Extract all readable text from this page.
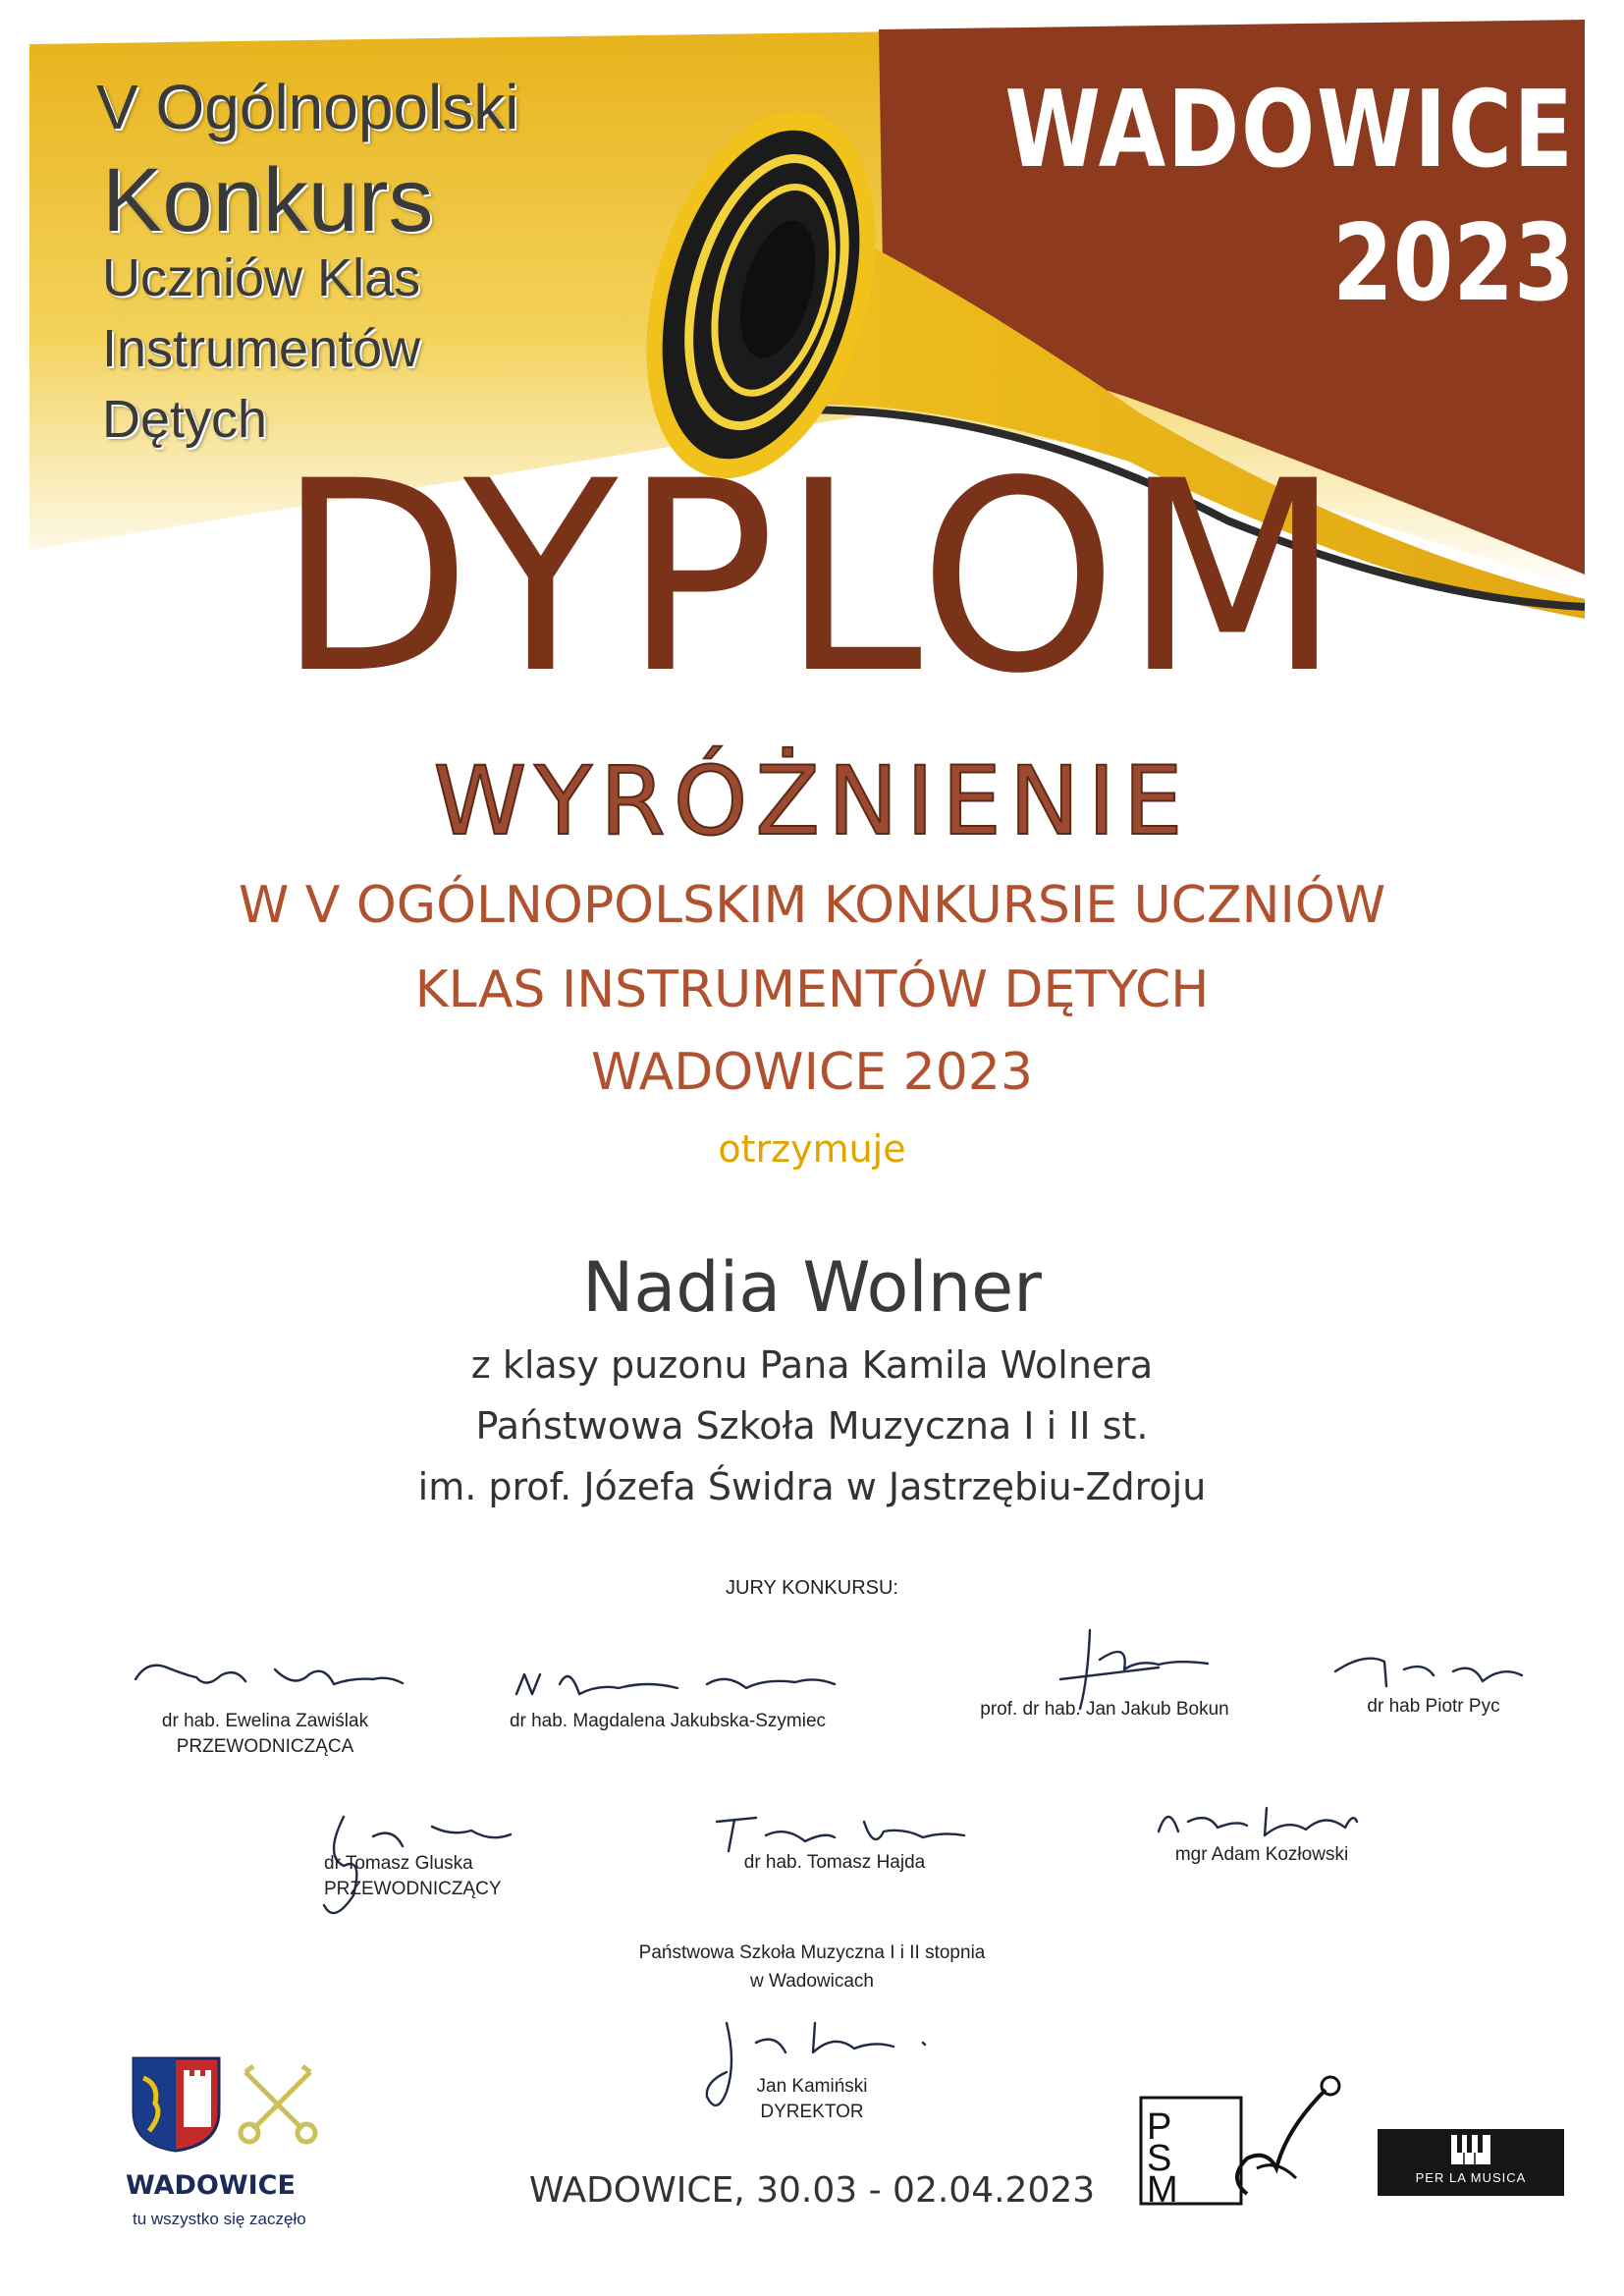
V Ogólnopolski
Konkurs
Uczniów Klas
Instrumentów
Dętych
WADOWICE
2023
DYPLOM
WYRÓŻNIENIE
W V OGÓLNOPOLSKIM KONKURSIE UCZNIÓW
KLAS INSTRUMENTÓW DĘTYCH
WADOWICE 2023
otrzymuje
Nadia Wolner
z klasy puzonu Pana Kamila Wolnera
Państwowa Szkoła Muzyczna I i II st.
im. prof. Józefa Świdra w Jastrzębiu-Zdroju
JURY KONKURSU:
dr hab. Ewelina Zawiślak
PRZEWODNICZĄCA
dr hab. Magdalena Jakubska-Szymiec
prof. dr hab. Jan Jakub Bokun	dr hab Piotr Pyc
dr Tomasz Gluska
PRZEWODNICZĄCY
dr hab. Tomasz Hajda	mgr Adam Kozłowski
Państwowa Szkoła Muzyczna I i II stopnia
w Wadowicach
Jan Kamiński
DYREKTOR
WADOWICE, 30.03 - 02.04.2023
WADOWICE
tu wszystko się zaczęło
P
S
M	PER LA MUSICA
